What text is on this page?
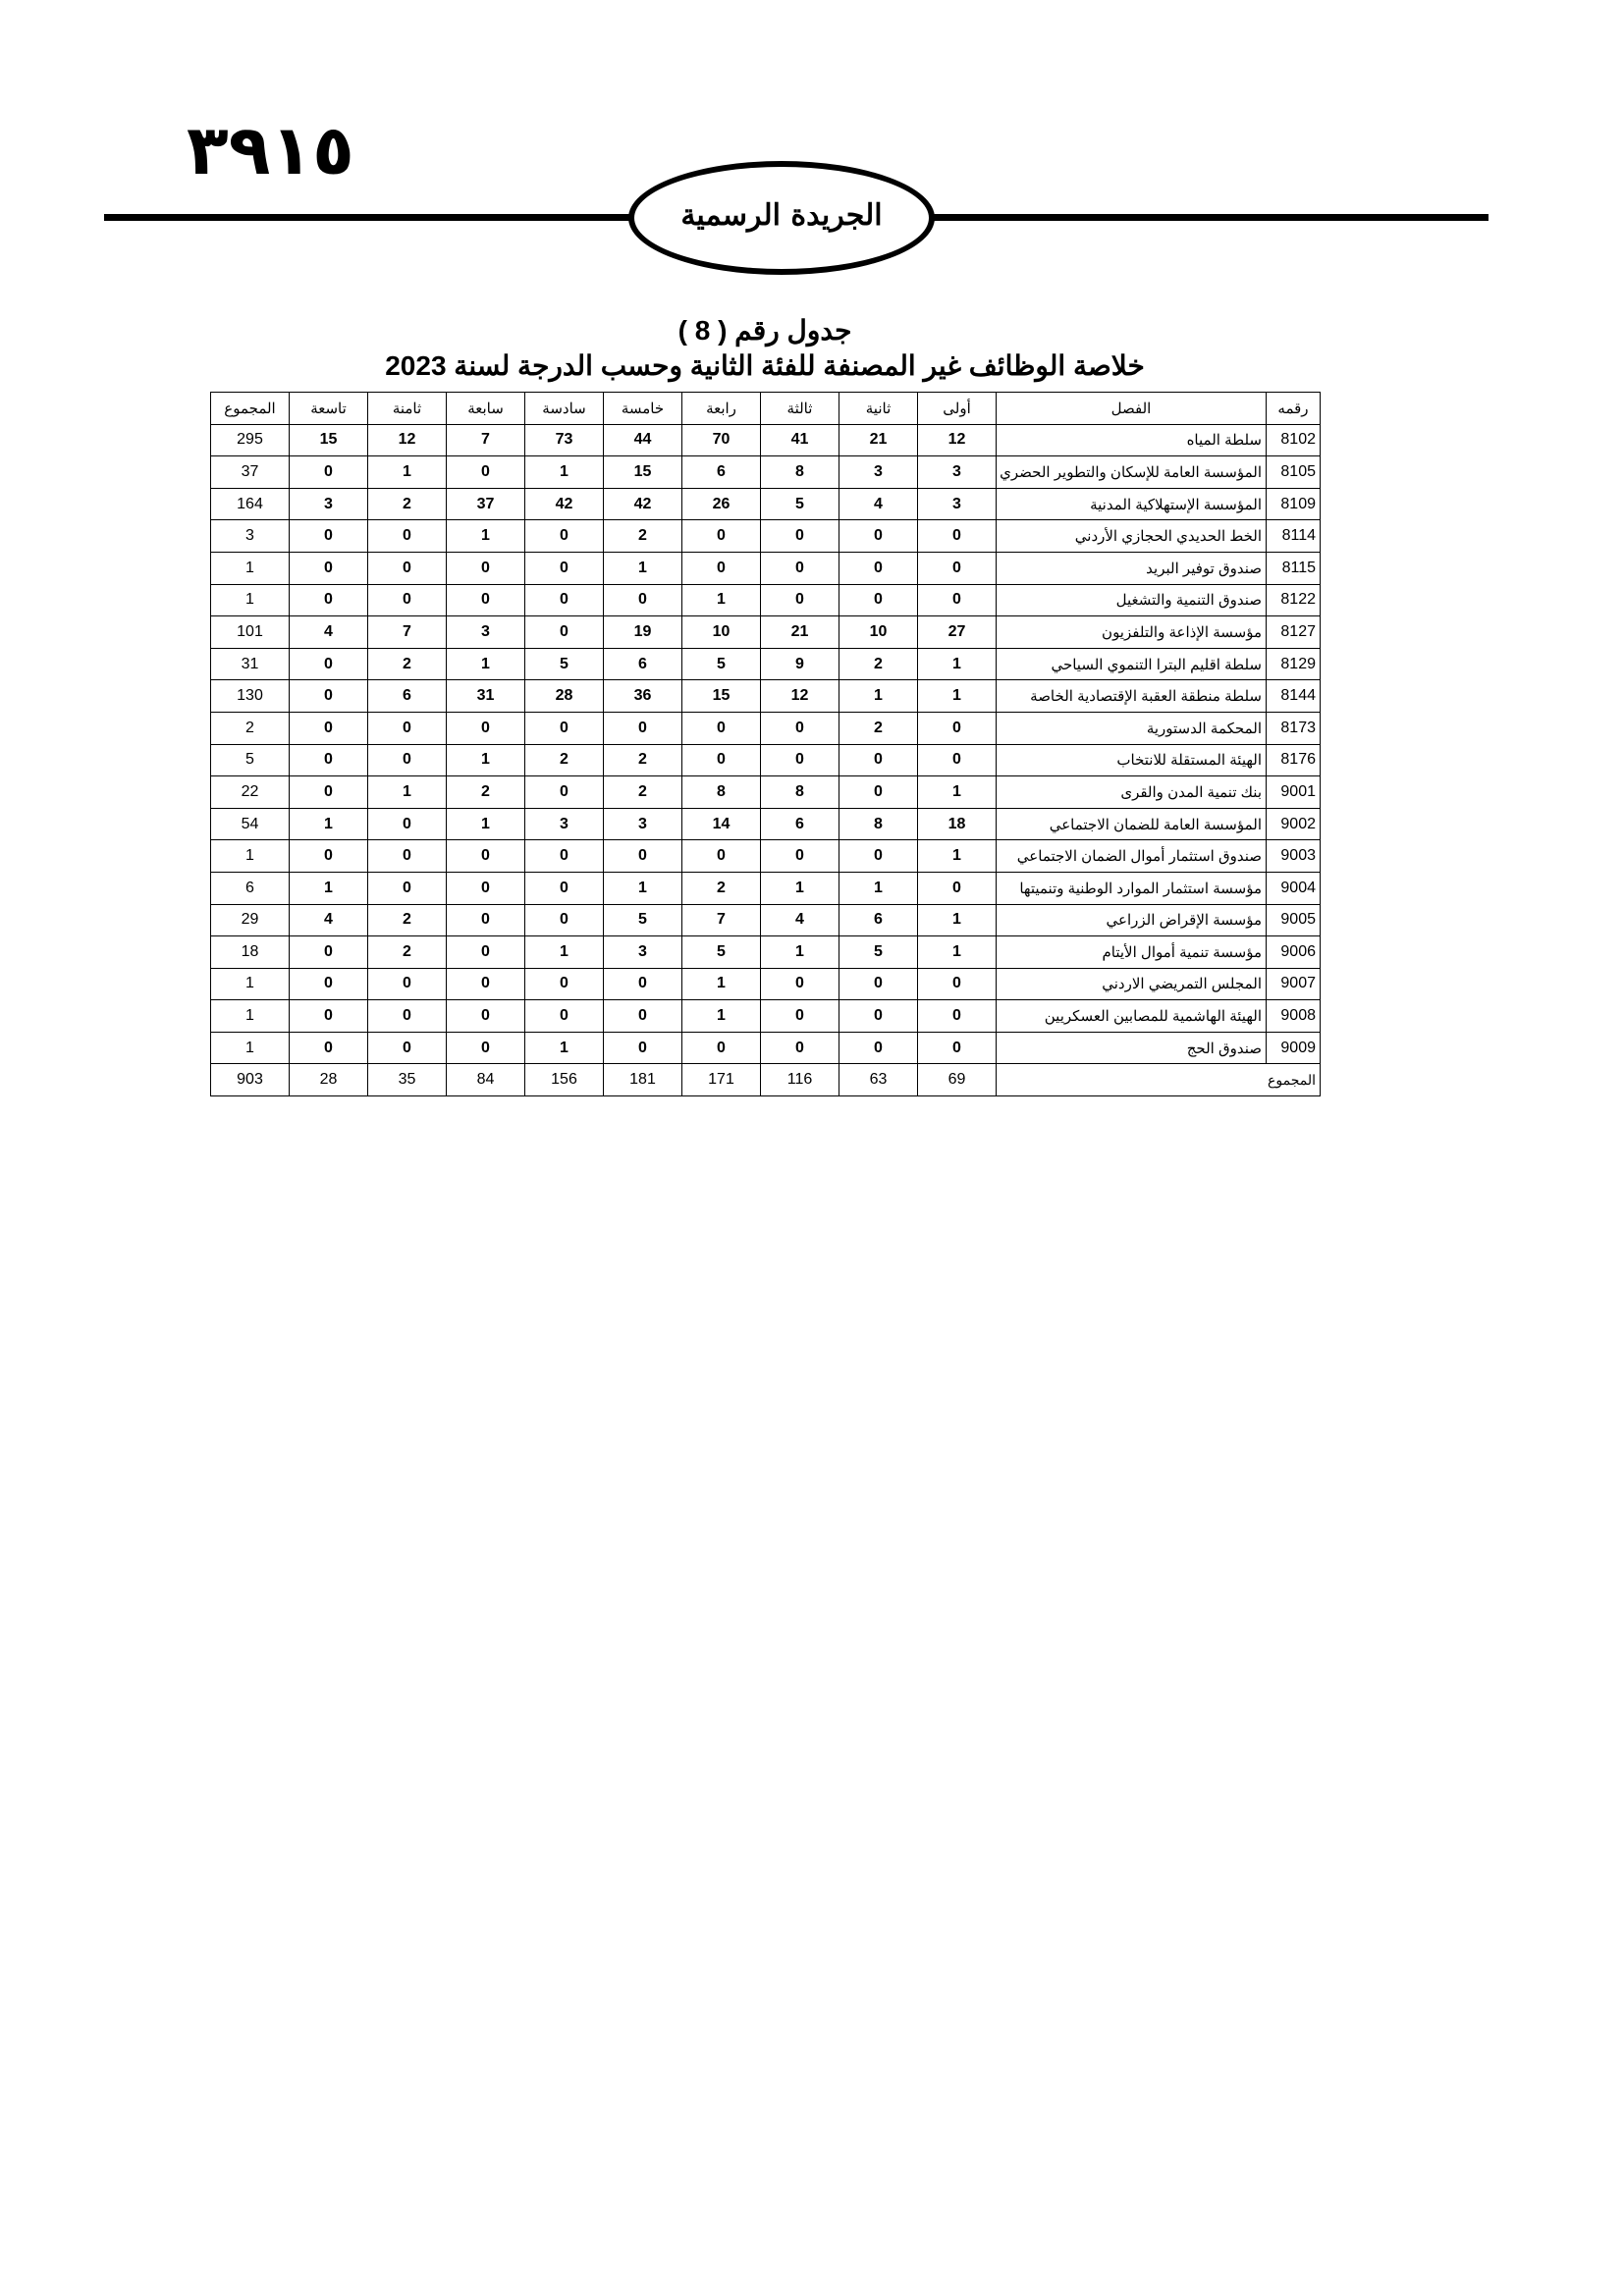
٣٩١٥
الجريدة الرسمية
جدول رقم ( 8 )
خلاصة الوظائف غير المصنفة للفئة الثانية وحسب الدرجة لسنة 2023
رقمه	الفصل	أولى	ثانية	ثالثة	رابعة	خامسة	سادسة	سابعة	ثامنة	تاسعة	المجموع
8102	سلطة المياه	12	21	41	70	44	73	7	12	15	295
8105	المؤسسة العامة للإسكان والتطوير الحضري	3	3	8	6	15	1	0	1	0	37
8109	المؤسسة الإستهلاكية المدنية	3	4	5	26	42	42	37	2	3	164
8114	الخط الحديدي الحجازي الأردني	0	0	0	0	2	0	1	0	0	3
8115	صندوق توفير البريد	0	0	0	0	1	0	0	0	0	1
8122	صندوق التنمية والتشغيل	0	0	0	1	0	0	0	0	0	1
8127	مؤسسة الإذاعة والتلفزيون	27	10	21	10	19	0	3	7	4	101
8129	سلطة اقليم البترا التنموي السياحي	1	2	9	5	6	5	1	2	0	31
8144	سلطة منطقة العقبة الإقتصادية الخاصة	1	1	12	15	36	28	31	6	0	130
8173	المحكمة الدستورية	0	2	0	0	0	0	0	0	0	2
8176	الهيئة المستقلة للانتخاب	0	0	0	0	2	2	1	0	0	5
9001	بنك تنمية المدن والقرى	1	0	8	8	2	0	2	1	0	22
9002	المؤسسة العامة للضمان الاجتماعي	18	8	6	14	3	3	1	0	1	54
9003	صندوق استثمار أموال الضمان الاجتماعي	1	0	0	0	0	0	0	0	0	1
9004	مؤسسة استثمار الموارد الوطنية وتنميتها	0	1	1	2	1	0	0	0	1	6
9005	مؤسسة الإقراض الزراعي	1	6	4	7	5	0	0	2	4	29
9006	مؤسسة تنمية أموال الأيتام	1	5	1	5	3	1	0	2	0	18
9007	المجلس التمريضي الاردني	0	0	0	1	0	0	0	0	0	1
9008	الهيئة الهاشمية للمصابين العسكريين	0	0	0	1	0	0	0	0	0	1
9009	صندوق الحج	0	0	0	0	0	1	0	0	0	1
المجموع		69	63	116	171	181	156	84	35	28	903
